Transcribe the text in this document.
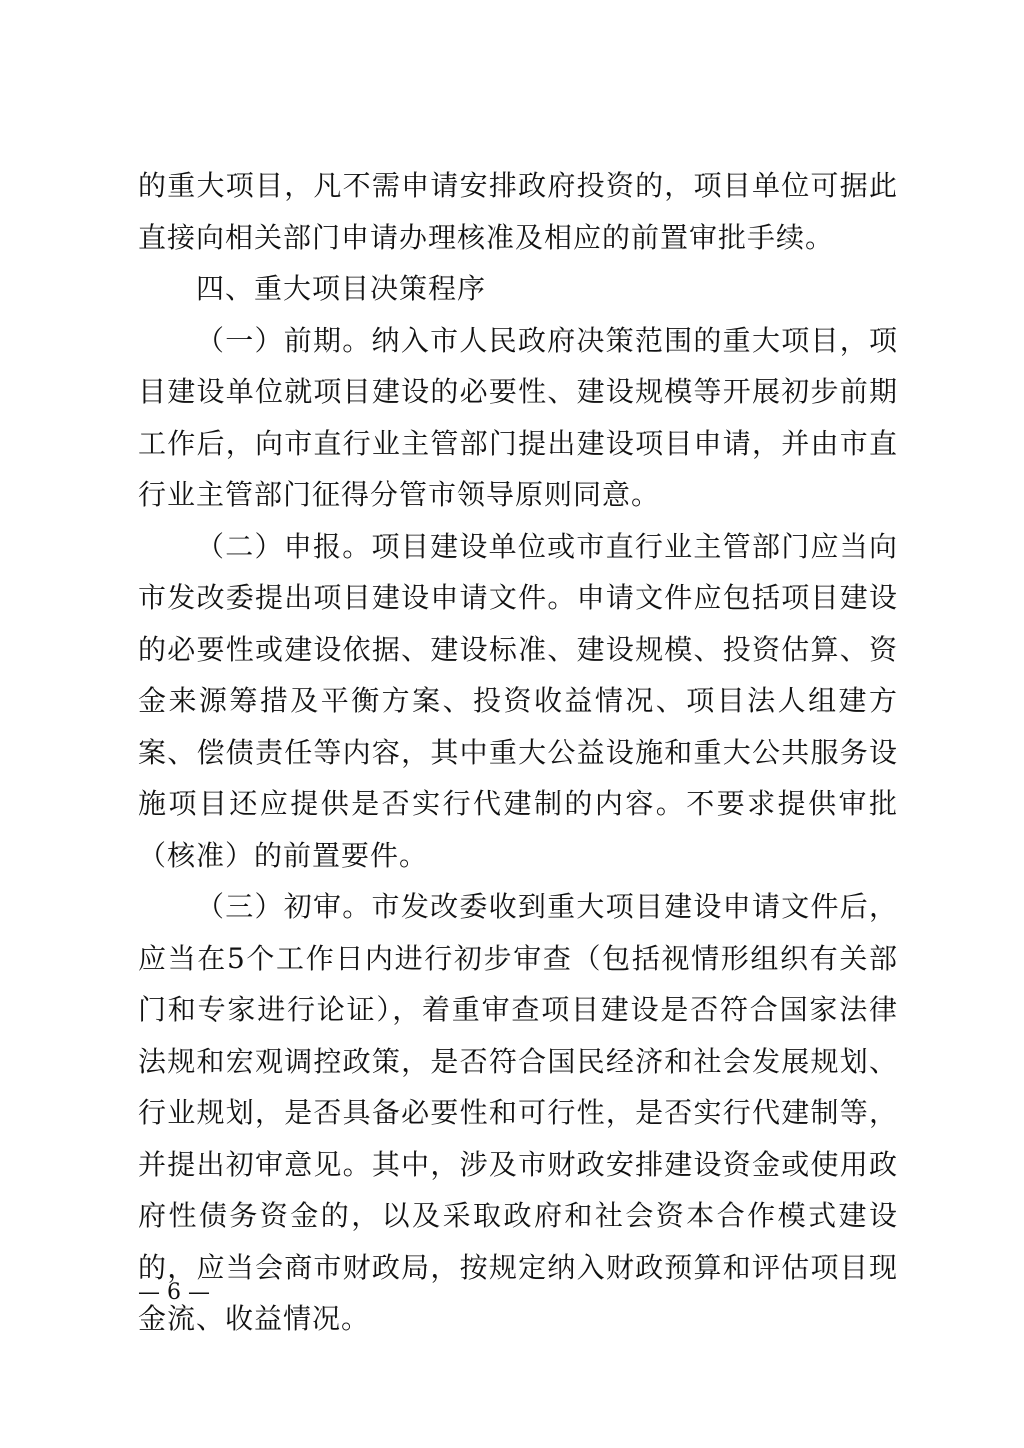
的重大项目，凡不需申请安排政府投资的，项目单位可据此直接向相关部门申请办理核准及相应的前置审批手续。

四、重大项目决策程序

（一）前期。纳入市人民政府决策范围的重大项目，项目建设单位就项目建设的必要性、建设规模等开展初步前期工作后，向市直行业主管部门提出建设项目申请，并由市直行业主管部门征得分管市领导原则同意。

（二）申报。项目建设单位或市直行业主管部门应当向市发改委提出项目建设申请文件。申请文件应包括项目建设的必要性或建设依据、建设标准、建设规模、投资估算、资金来源筹措及平衡方案、投资收益情况、项目法人组建方案、偿债责任等内容，其中重大公益设施和重大公共服务设施项目还应提供是否实行代建制的内容。不要求提供审批（核准）的前置要件。

（三）初审。市发改委收到重大项目建设申请文件后，应当在5个工作日内进行初步审查（包括视情形组织有关部门和专家进行论证），着重审查项目建设是否符合国家法律法规和宏观调控政策，是否符合国民经济和社会发展规划、行业规划，是否具备必要性和可行性，是否实行代建制等，并提出初审意见。其中，涉及市财政安排建设资金或使用政府性债务资金的，以及采取政府和社会资本合作模式建设的，应当会商市财政局，按规定纳入财政预算和评估项目现金流、收益情况。

— 6 —
